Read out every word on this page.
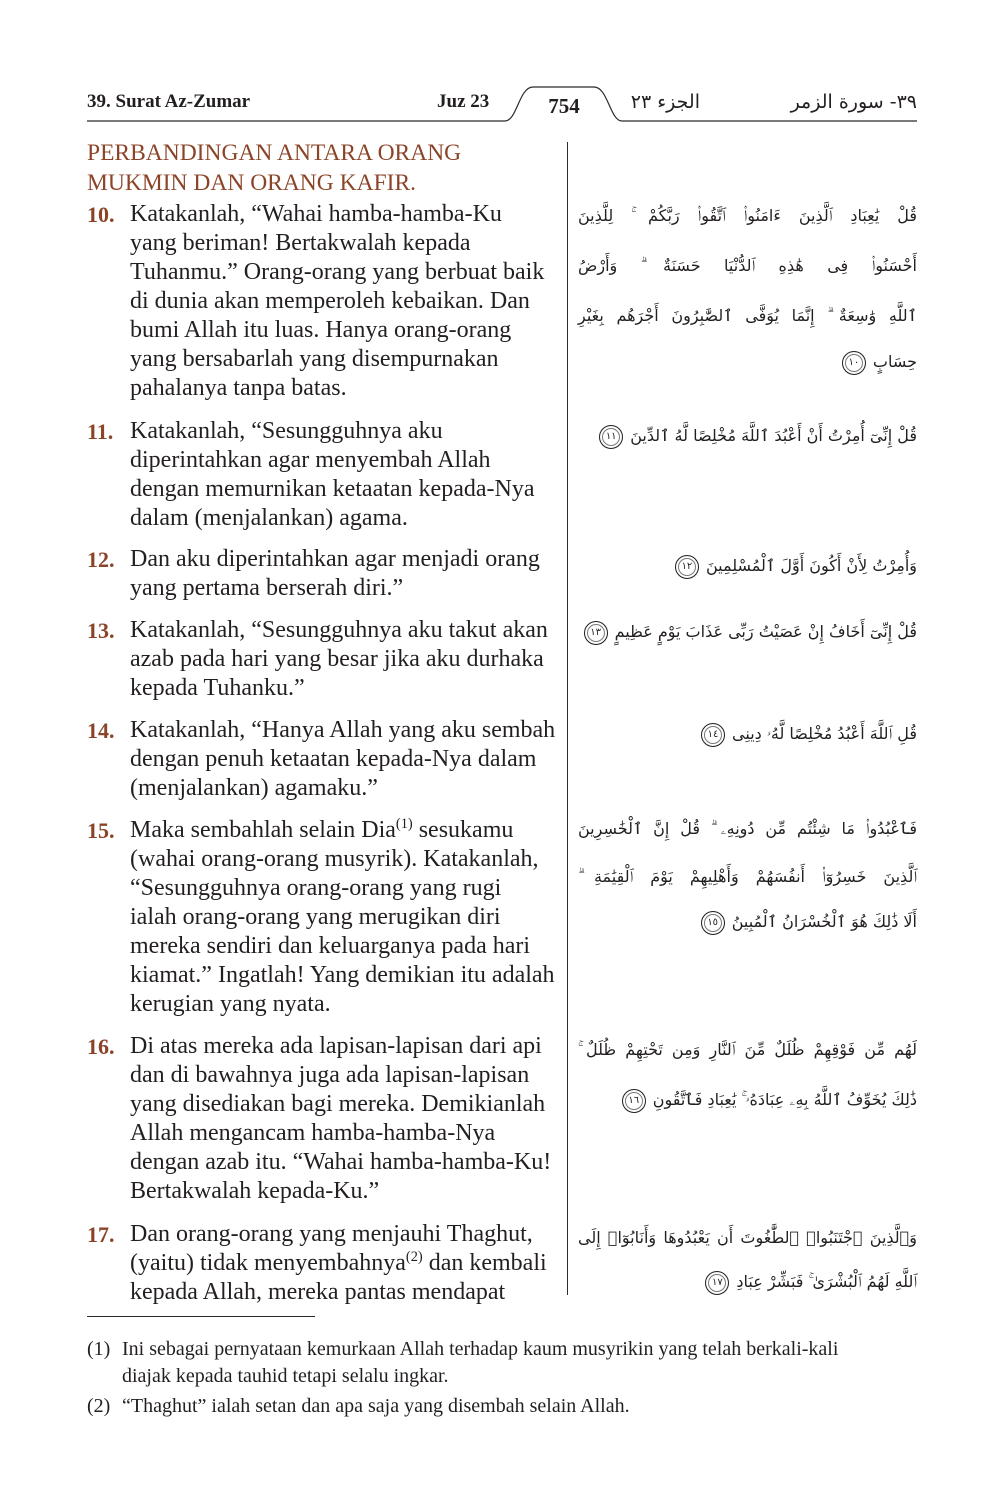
39. Surat Az-Zumar	Juz 23	754	الجزء ٢٣	٣٩- سورة الزمر
PERBANDINGAN ANTARA ORANG
MUKMIN DAN ORANG KAFIR.
10. Katakanlah, “Wahai hamba-hamba-Ku
yang beriman! Bertakwalah kepada
Tuhanmu.” Orang-orang yang berbuat baik
di dunia akan memperoleh kebaikan. Dan
bumi Allah itu luas. Hanya orang-orang
yang bersabarlah yang disempurnakan
pahalanya tanpa batas.
11. Katakanlah, “Sesungguhnya aku
diperintahkan agar menyembah Allah
dengan memurnikan ketaatan kepada-Nya
dalam (menjalankan) agama.
12. Dan aku diperintahkan agar menjadi orang
yang pertama berserah diri.”
13. Katakanlah, “Sesungguhnya aku takut akan
azab pada hari yang besar jika aku durhaka
kepada Tuhanku.”
14. Katakanlah, “Hanya Allah yang aku sembah
dengan penuh ketaatan kepada-Nya dalam
(menjalankan) agamaku.”
15. Maka sembahlah selain Dia$^{(1)}$ sesukamu
(wahai orang-orang musyrik). Katakanlah,
“Sesungguhnya orang-orang yang rugi
ialah orang-orang yang merugikan diri
mereka sendiri dan keluarganya pada hari
kiamat.” Ingatlah! Yang demikian itu adalah
kerugian yang nyata.
16. Di atas mereka ada lapisan-lapisan dari api
dan di bawahnya juga ada lapisan-lapisan
yang disediakan bagi mereka. Demikianlah
Allah mengancam hamba-hamba-Nya
dengan azab itu. “Wahai hamba-hamba-Ku!
Bertakwalah kepada-Ku.”
17. Dan orang-orang yang menjauhi Thaghut,
(yaitu) tidak menyembahnya$^{(2)}$ dan kembali
kepada Allah, mereka pantas mendapat
قُلْ يَٰعِبَادِ ٱلَّذِينَ ءَامَنُوا۟ ٱتَّقُوا۟ رَبَّكُمْ ۚ لِلَّذِينَ
أَحْسَنُوا۟ فِى هَٰذِهِ ٱلدُّنْيَا حَسَنَةٌ ۗ وَأَرْضُ
ٱللَّهِ وَٰسِعَةٌ ۗ إِنَّمَا يُوَفَّى ٱلصَّٰبِرُونَ أَجْرَهُم بِغَيْرِ
حِسَابٍ١٠
قُلْ إِنِّىٓ أُمِرْتُ أَنْ أَعْبُدَ ٱللَّهَ مُخْلِصًا لَّهُ ٱلدِّينَ١١
وَأُمِرْتُ لِأَنْ أَكُونَ أَوَّلَ ٱلْمُسْلِمِينَ١٢
قُلْ إِنِّىٓ أَخَافُ إِنْ عَصَيْتُ رَبِّى عَذَابَ يَوْمٍ عَظِيمٍ١٣
قُلِ ٱللَّهَ أَعْبُدُ مُخْلِصًا لَّهُۥ دِينِى١٤
فَٱعْبُدُوا۟ مَا شِئْتُم مِّن دُونِهِۦ ۗ قُلْ إِنَّ ٱلْخَٰسِرِينَ
ٱلَّذِينَ خَسِرُوٓا۟ أَنفُسَهُمْ وَأَهْلِيهِمْ يَوْمَ ٱلْقِيَٰمَةِ ۗ
أَلَا ذَٰلِكَ هُوَ ٱلْخُسْرَانُ ٱلْمُبِينُ١٥
لَهُم مِّن فَوْقِهِمْ ظُلَلٌ مِّنَ ٱلنَّارِ وَمِن تَحْتِهِمْ ظُلَلٌ ۚ
ذَٰلِكَ يُخَوِّفُ ٱللَّهُ بِهِۦ عِبَادَهُۥ ۚ يَٰعِبَادِ فَٱتَّقُونِ١٦
وَٱلَّذِينَ ٱجْتَنَبُوا۟ ٱلطَّٰغُوتَ أَن يَعْبُدُوهَا وَأَنَابُوٓا۟ إِلَى
ٱللَّهِ لَهُمُ ٱلْبُشْرَىٰ ۚ فَبَشِّرْ عِبَادِ١٧
(1) Ini sebagai pernyataan kemurkaan Allah terhadap kaum musyrikin yang telah berkali-kali
diajak kepada tauhid tetapi selalu ingkar.
(2) “Thaghut” ialah setan dan apa saja yang disembah selain Allah.
